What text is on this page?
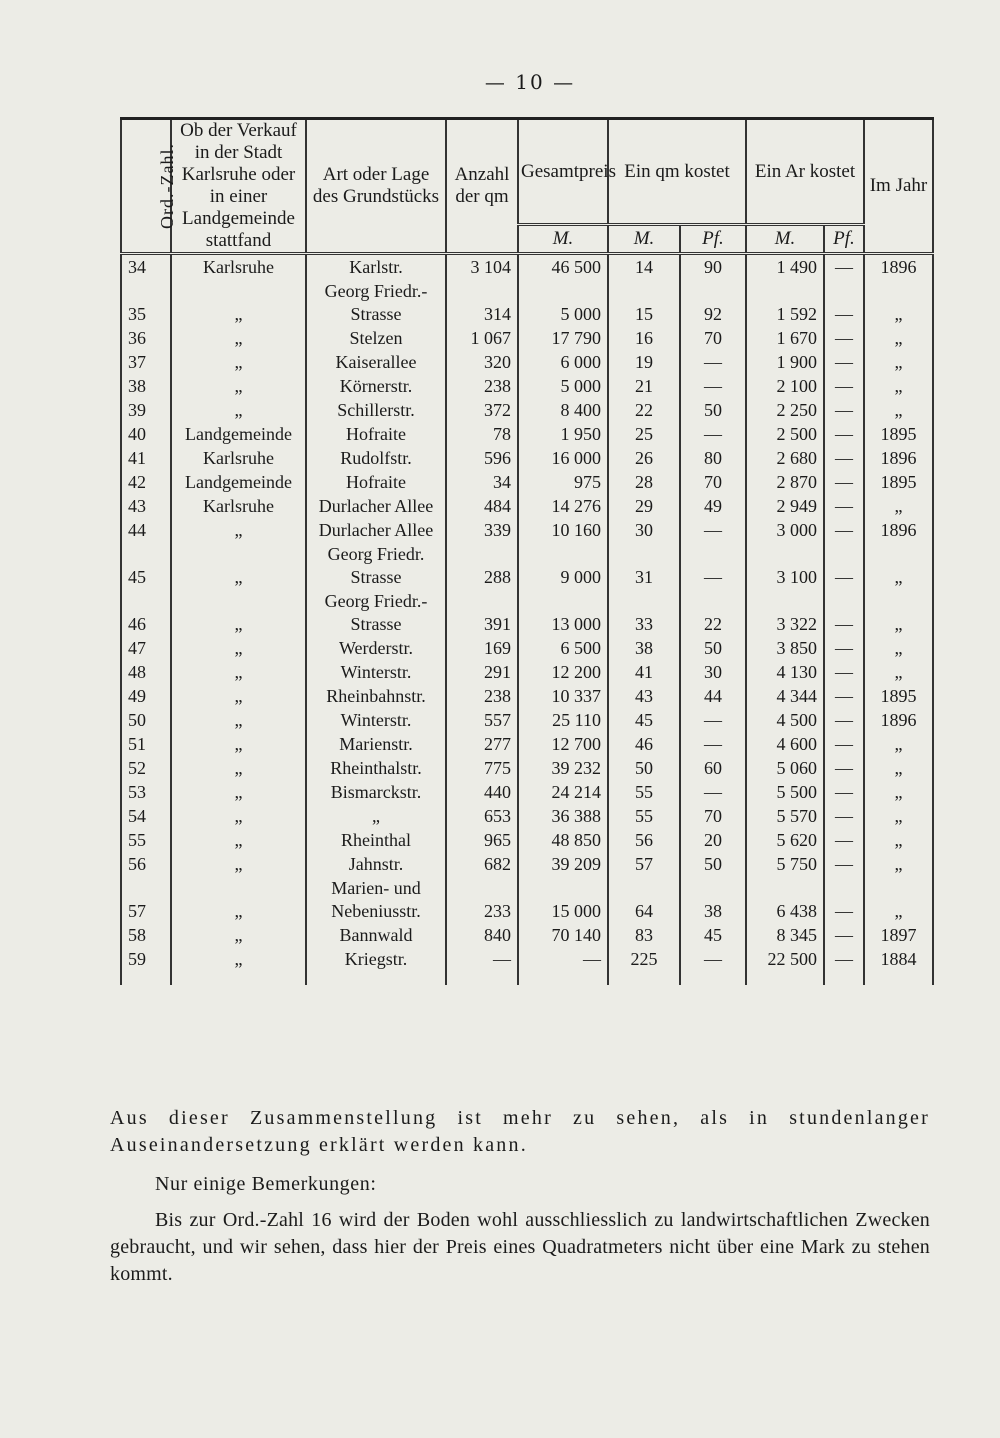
— 10 —
Ord.-Zahl.	Ob der Verkauf in der Stadt Karlsruhe oder in einer Landgemeinde stattfand	Art oder Lage des Grundstücks	Anzahl der qm	Gesamtpreis	Ein qm kostet		Ein Ar kostet		Im Jahr
				M.	M.	Pf.	M.	Pf.	
34	Karlsruhe	Karlstr.	3 104	46 500	14	90	1 490	—	1896
35	„	Georg Friedr.-Strasse	314	5 000	15	92	1 592	—	„
36	„	Stelzen	1 067	17 790	16	70	1 670	—	„
37	„	Kaiserallee	320	6 000	19	—	1 900	—	„
38	„	Körnerstr.	238	5 000	21	—	2 100	—	„
39	„	Schillerstr.	372	8 400	22	50	2 250	—	„
40	Landgemeinde	Hofraite	78	1 950	25	—	2 500	—	1895
41	Karlsruhe	Rudolfstr.	596	16 000	26	80	2 680	—	1896
42	Landgemeinde	Hofraite	34	975	28	70	2 870	—	1895
43	Karlsruhe	Durlacher Allee	484	14 276	29	49	2 949	—	„
44	„	Durlacher Allee	339	10 160	30	—	3 000	—	1896
45	„	Georg Friedr. Strasse	288	9 000	31	—	3 100	—	„
46	„	Georg Friedr.-Strasse	391	13 000	33	22	3 322	—	„
47	„	Werderstr.	169	6 500	38	50	3 850	—	„
48	„	Winterstr.	291	12 200	41	30	4 130	—	„
49	„	Rheinbahnstr.	238	10 337	43	44	4 344	—	1895
50	„	Winterstr.	557	25 110	45	—	4 500	—	1896
51	„	Marienstr.	277	12 700	46	—	4 600	—	„
52	„	Rheinthalstr.	775	39 232	50	60	5 060	—	„
53	„	Bismarckstr.	440	24 214	55	—	5 500	—	„
54	„	„	653	36 388	55	70	5 570	—	„
55	„	Rheinthal	965	48 850	56	20	5 620	—	„
56	„	Jahnstr.	682	39 209	57	50	5 750	—	„
57	„	Marien- und Nebeniusstr.	233	15 000	64	38	6 438	—	„
58	„	Bannwald	840	70 140	83	45	8 345	—	1897
59	„	Kriegstr.	—	—	225	—	22 500	—	1884
Aus dieser Zusammenstellung ist mehr zu sehen, als in stundenlanger Auseinandersetzung erklärt werden kann.
Nur einige Bemerkungen:
Bis zur Ord.-Zahl 16 wird der Boden wohl ausschliesslich zu landwirtschaftlichen Zwecken gebraucht, und wir sehen, dass hier der Preis eines Quadratmeters nicht über eine Mark zu stehen kommt.
